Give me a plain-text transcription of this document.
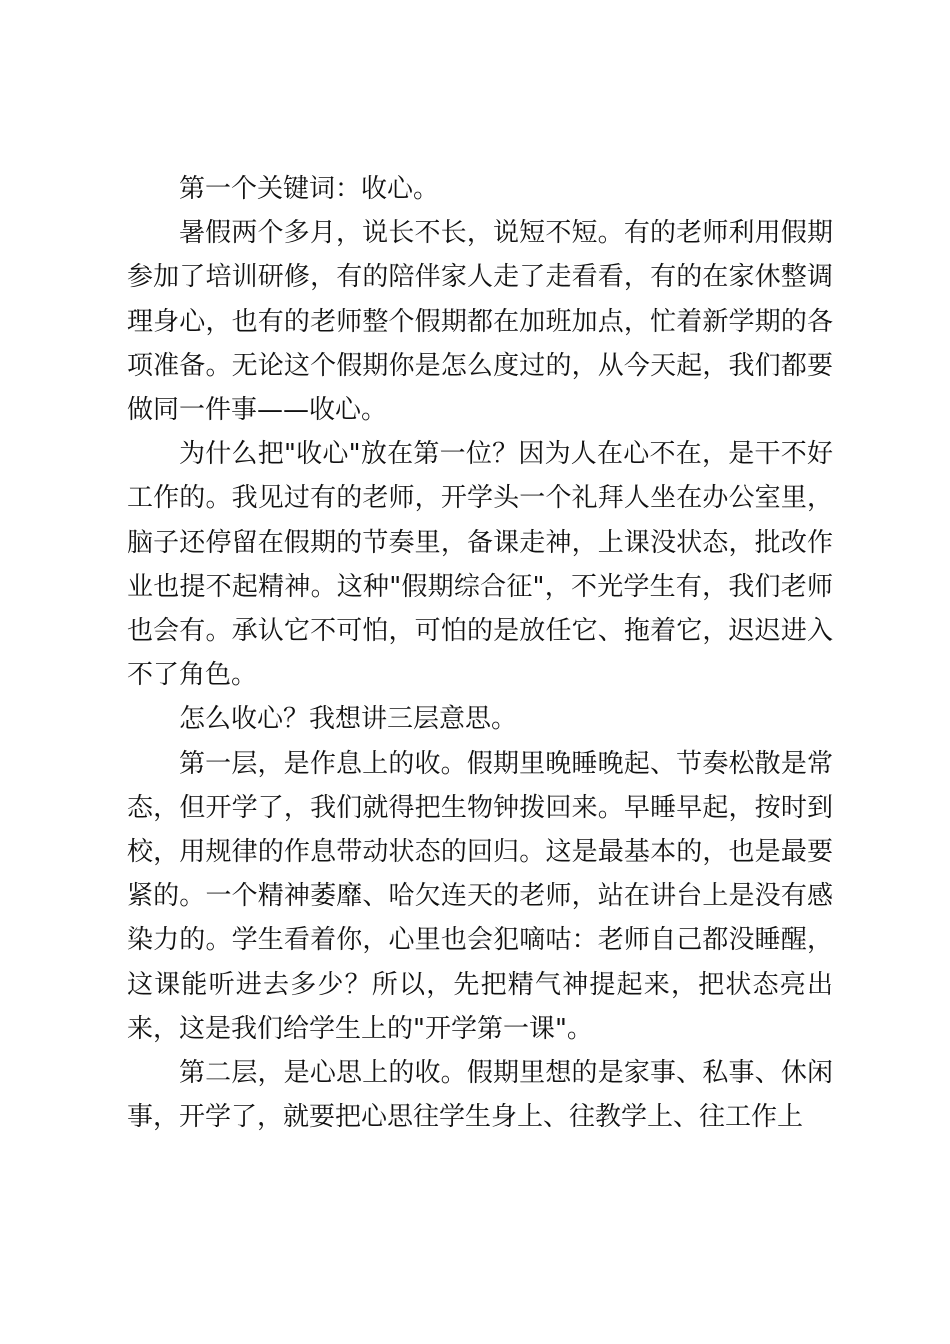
第一个关键词：收心。

暑假两个多月，说长不长，说短不短。有的老师利用假期参加了培训研修，有的陪伴家人走了走看看，有的在家休整调理身心，也有的老师整个假期都在加班加点，忙着新学期的各项准备。无论这个假期你是怎么度过的，从今天起，我们都要做同一件事——收心。

为什么把"收心"放在第一位？因为人在心不在，是干不好工作的。我见过有的老师，开学头一个礼拜人坐在办公室里，脑子还停留在假期的节奏里，备课走神，上课没状态，批改作业也提不起精神。这种"假期综合征"，不光学生有，我们老师也会有。承认它不可怕，可怕的是放任它、拖着它，迟迟进入不了角色。

怎么收心？我想讲三层意思。

第一层，是作息上的收。假期里晚睡晚起、节奏松散是常态，但开学了，我们就得把生物钟拨回来。早睡早起，按时到校，用规律的作息带动状态的回归。这是最基本的，也是最要紧的。一个精神萎靡、哈欠连天的老师，站在讲台上是没有感染力的。学生看着你，心里也会犯嘀咕：老师自己都没睡醒，这课能听进去多少？所以，先把精气神提起来，把状态亮出来，这是我们给学生上的"开学第一课"。

第二层，是心思上的收。假期里想的是家事、私事、休闲事，开学了，就要把心思往学生身上、往教学上、往工作上
